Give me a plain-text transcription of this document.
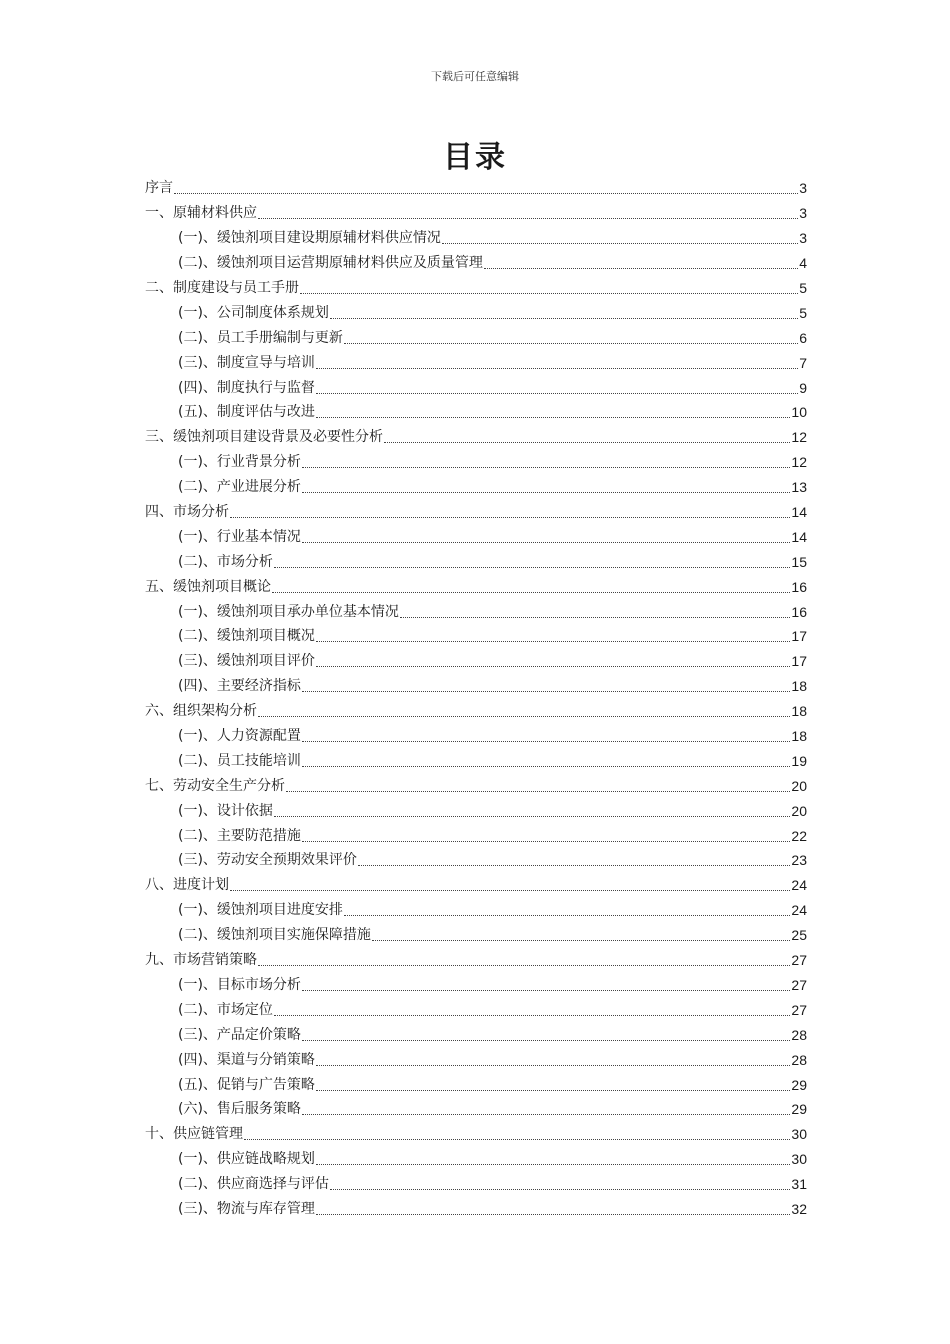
下载后可任意编辑
目录
序言	3
一、原辅材料供应	3
(一)、缓蚀剂项目建设期原辅材料供应情况	3
(二)、缓蚀剂项目运营期原辅材料供应及质量管理	4
二、制度建设与员工手册	5
(一)、公司制度体系规划	5
(二)、员工手册编制与更新	6
(三)、制度宣导与培训	7
(四)、制度执行与监督	9
(五)、制度评估与改进	10
三、缓蚀剂项目建设背景及必要性分析	12
(一)、行业背景分析	12
(二)、产业进展分析	13
四、市场分析	14
(一)、行业基本情况	14
(二)、市场分析	15
五、缓蚀剂项目概论	16
(一)、缓蚀剂项目承办单位基本情况	16
(二)、缓蚀剂项目概况	17
(三)、缓蚀剂项目评价	17
(四)、主要经济指标	18
六、组织架构分析	18
(一)、人力资源配置	18
(二)、员工技能培训	19
七、劳动安全生产分析	20
(一)、设计依据	20
(二)、主要防范措施	22
(三)、劳动安全预期效果评价	23
八、进度计划	24
(一)、缓蚀剂项目进度安排	24
(二)、缓蚀剂项目实施保障措施	25
九、市场营销策略	27
(一)、目标市场分析	27
(二)、市场定位	27
(三)、产品定价策略	28
(四)、渠道与分销策略	28
(五)、促销与广告策略	29
(六)、售后服务策略	29
十、供应链管理	30
(一)、供应链战略规划	30
(二)、供应商选择与评估	31
(三)、物流与库存管理	32
